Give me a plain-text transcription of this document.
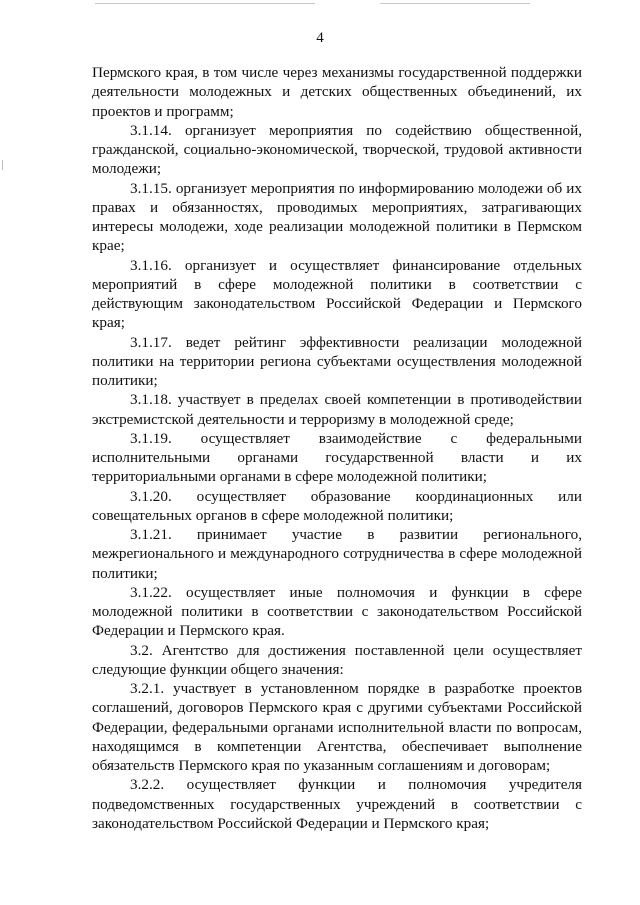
4

Пермского края, в том числе через механизмы государственной поддержки деятельности молодежных и детских общественных объединений, их проектов и программ;

3.1.14. организует мероприятия по содействию общественной, гражданской, социально-экономической, творческой, трудовой активности молодежи;

3.1.15. организует мероприятия по информированию молодежи об их правах и обязанностях, проводимых мероприятиях, затрагивающих интересы молодежи, ходе реализации молодежной политики в Пермском крае;

3.1.16. организует и осуществляет финансирование отдельных мероприятий в сфере молодежной политики в соответствии с действующим законодательством Российской Федерации и Пермского края;

3.1.17. ведет рейтинг эффективности реализации молодежной политики на территории региона субъектами осуществления молодежной политики;

3.1.18. участвует в пределах своей компетенции в противодействии экстремистской деятельности и терроризму в молодежной среде;

3.1.19. осуществляет взаимодействие с федеральными исполнительными органами государственной власти и их территориальными органами в сфере молодежной политики;

3.1.20. осуществляет образование координационных или совещательных органов в сфере молодежной политики;

3.1.21. принимает участие в развитии регионального, межрегионального и международного сотрудничества в сфере молодежной политики;

3.1.22. осуществляет иные полномочия и функции в сфере молодежной политики в соответствии с законодательством Российской Федерации и Пермского края.

3.2. Агентство для достижения поставленной цели осуществляет следующие функции общего значения:

3.2.1. участвует в установленном порядке в разработке проектов соглашений, договоров Пермского края с другими субъектами Российской Федерации, федеральными органами исполнительной власти по вопросам, находящимся в компетенции Агентства, обеспечивает выполнение обязательств Пермского края по указанным соглашениям и договорам;

3.2.2. осуществляет функции и полномочия учредителя подведомственных государственных учреждений в соответствии с законодательством Российской Федерации и Пермского края;
